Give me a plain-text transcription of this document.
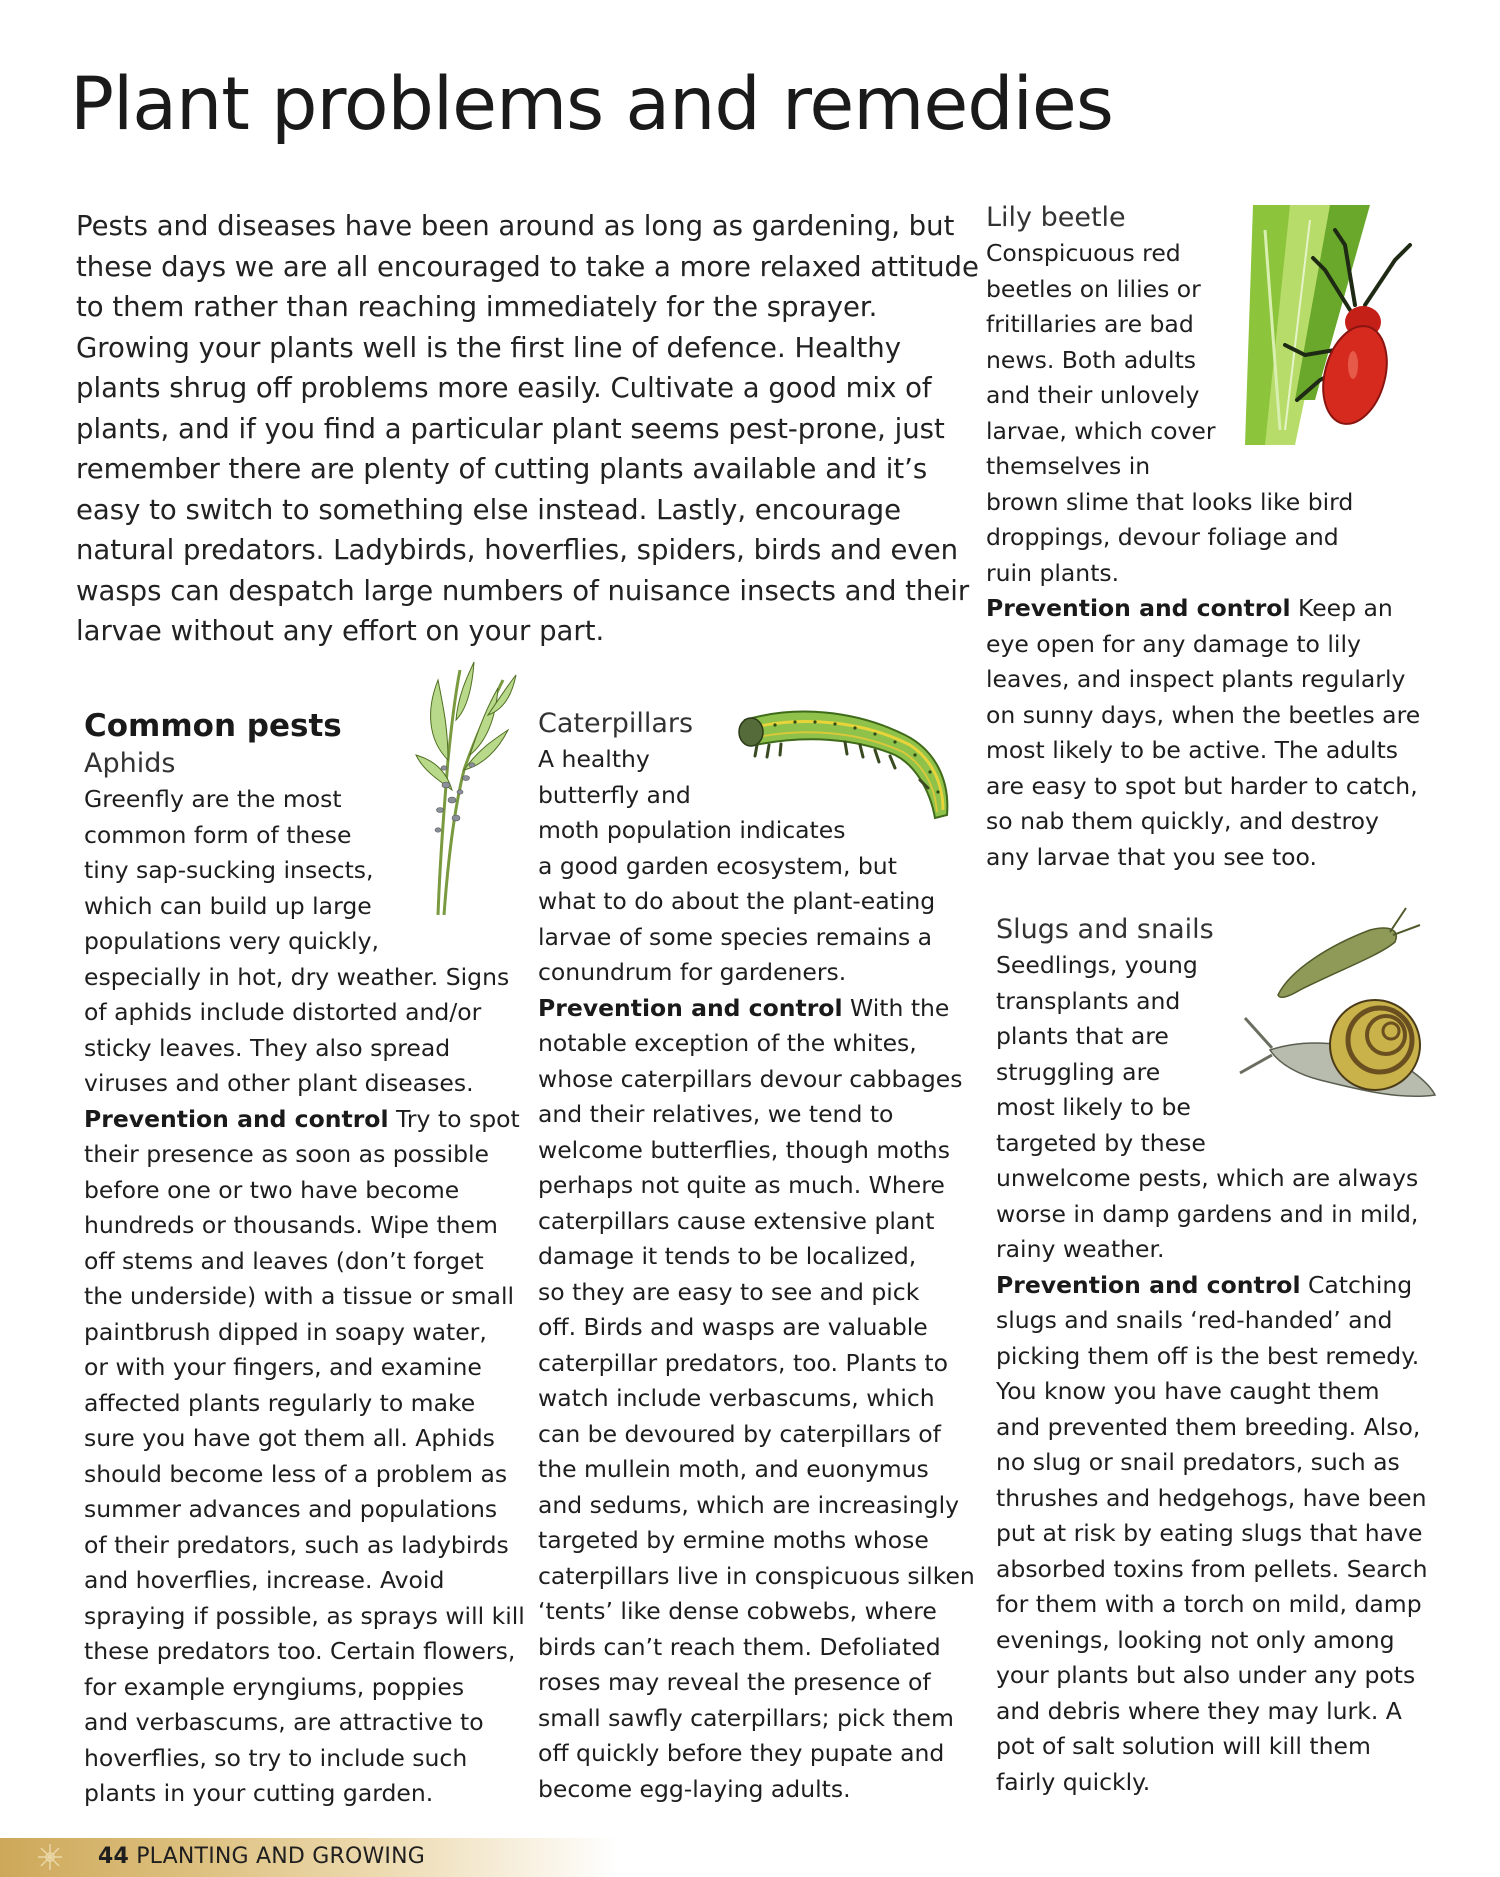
Plant problems and remedies
Pests and diseases have been around as long as gardening, but
these days we are all encouraged to take a more relaxed attitude
to them rather than reaching immediately for the sprayer.
Growing your plants well is the first line of defence. Healthy
plants shrug off problems more easily. Cultivate a good mix of
plants, and if you find a particular plant seems pest-prone, just
remember there are plenty of cutting plants available and it’s
easy to switch to something else instead. Lastly, encourage
natural predators. Ladybirds, hoverflies, spiders, birds and even
wasps can despatch large numbers of nuisance insects and their
larvae without any effort on your part.
Common pests
Aphids
Greenfly are the most
common form of these
tiny sap-sucking insects,
which can build up large
populations very quickly,
especially in hot, dry weather. Signs
of aphids include distorted and/or
sticky leaves. They also spread
viruses and other plant diseases.
Prevention and control Try to spot
their presence as soon as possible
before one or two have become
hundreds or thousands. Wipe them
off stems and leaves (don’t forget
the underside) with a tissue or small
paintbrush dipped in soapy water,
or with your fingers, and examine
affected plants regularly to make
sure you have got them all. Aphids
should become less of a problem as
summer advances and populations
of their predators, such as ladybirds
and hoverflies, increase. Avoid
spraying if possible, as sprays will kill
these predators too. Certain flowers,
for example eryngiums, poppies
and verbascums, are attractive to
hoverflies, so try to include such
plants in your cutting garden.
Caterpillars
A healthy
butterfly and
moth population indicates
a good garden ecosystem, but
what to do about the plant-eating
larvae of some species remains a
conundrum for gardeners.
Prevention and control With the
notable exception of the whites,
whose caterpillars devour cabbages
and their relatives, we tend to
welcome butterflies, though moths
perhaps not quite as much. Where
caterpillars cause extensive plant
damage it tends to be localized,
so they are easy to see and pick
off. Birds and wasps are valuable
caterpillar predators, too. Plants to
watch include verbascums, which
can be devoured by caterpillars of
the mullein moth, and euonymus
and sedums, which are increasingly
targeted by ermine moths whose
caterpillars live in conspicuous silken
‘tents’ like dense cobwebs, where
birds can’t reach them. Defoliated
roses may reveal the presence of
small sawfly caterpillars; pick them
off quickly before they pupate and
become egg-laying adults.
Lily beetle
Conspicuous red
beetles on lilies or
fritillaries are bad
news. Both adults
and their unlovely
larvae, which cover
themselves in
brown slime that looks like bird
droppings, devour foliage and
ruin plants.
Prevention and control Keep an
eye open for any damage to lily
leaves, and inspect plants regularly
on sunny days, when the beetles are
most likely to be active. The adults
are easy to spot but harder to catch,
so nab them quickly, and destroy
any larvae that you see too.
Slugs and snails
Seedlings, young
transplants and
plants that are
struggling are
most likely to be
targeted by these
unwelcome pests, which are always
worse in damp gardens and in mild,
rainy weather.
Prevention and control Catching
slugs and snails ‘red-handed’ and
picking them off is the best remedy.
You know you have caught them
and prevented them breeding. Also,
no slug or snail predators, such as
thrushes and hedgehogs, have been
put at risk by eating slugs that have
absorbed toxins from pellets. Search
for them with a torch on mild, damp
evenings, looking not only among
your plants but also under any pots
and debris where they may lurk. A
pot of salt solution will kill them
fairly quickly.
44 PLANTING AND GROWING
